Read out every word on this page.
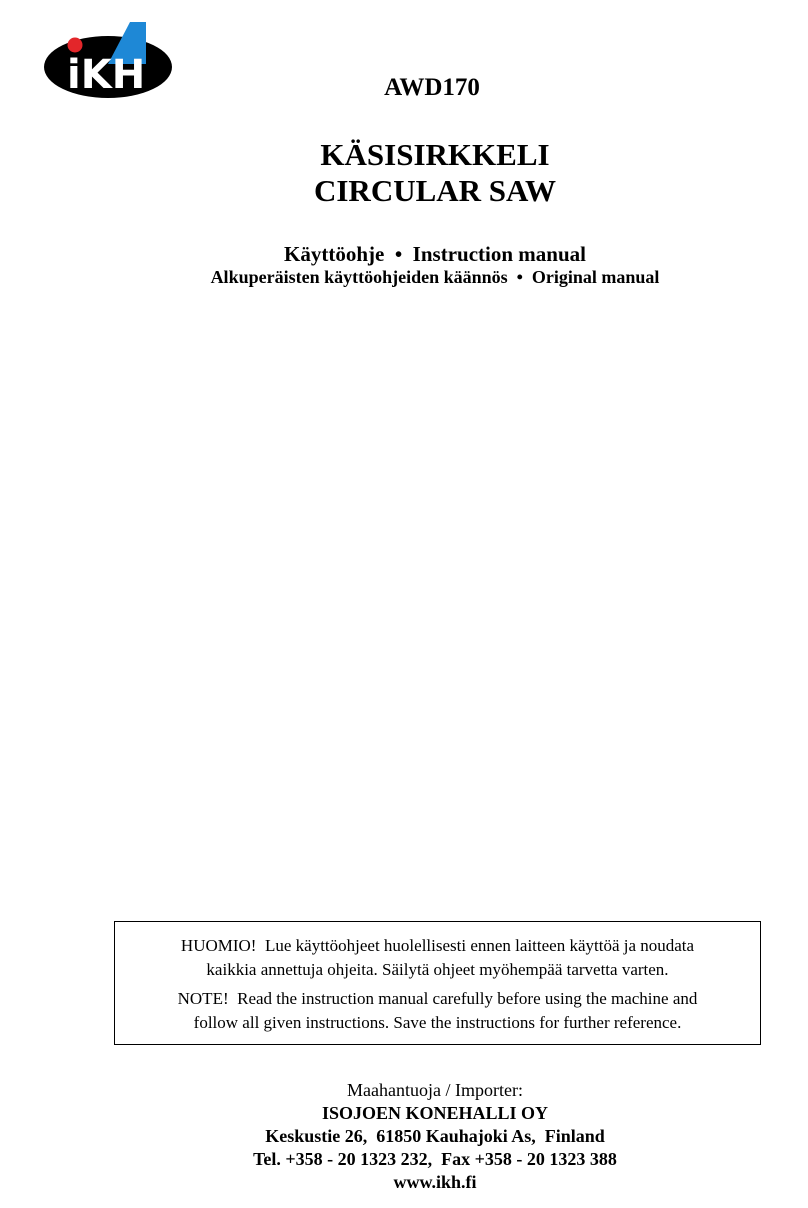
iKH	AWD170
KÄSISIRKKELI
CIRCULAR SAW
Käyttöohje  •  Instruction manual
Alkuperäisten käyttöohjeiden käännös  •  Original manual

HUOMIO!  Lue käyttöohjeet huolellisesti ennen laitteen käyttöä ja noudata
kaikkia annettuja ohjeita. Säilytä ohjeet myöhempää tarvetta varten.

NOTE!  Read the instruction manual carefully before using the machine and
follow all given instructions. Save the instructions for further reference.

Maahantuoja / Importer:
ISOJOEN KONEHALLI OY
Keskustie 26,  61850 Kauhajoki As,  Finland
Tel. +358 - 20 1323 232,  Fax +358 - 20 1323 388
www.ikh.fi
